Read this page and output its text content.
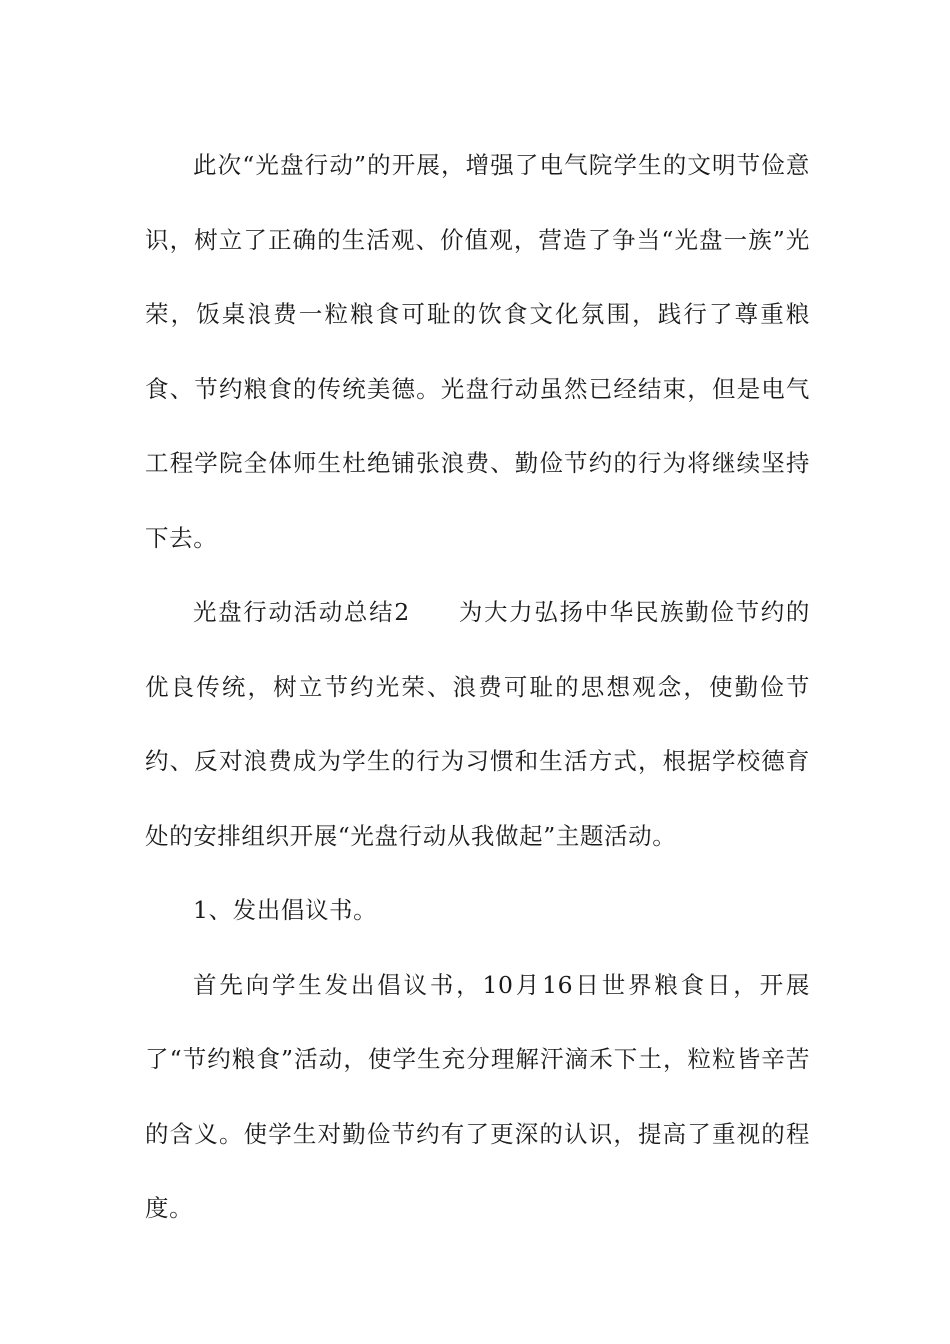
此次“光盘行动”的开展，增强了电气院学生的文明节俭意识，树立了正确的生活观、价值观，营造了争当“光盘一族”光荣，饭桌浪费一粒粮食可耻的饮食文化氛围，践行了尊重粮食、节约粮食的传统美德。光盘行动虽然已经结束，但是电气工程学院全体师生杜绝铺张浪费、勤俭节约的行为将继续坚持下去。

光盘行动活动总结2 为大力弘扬中华民族勤俭节约的优良传统，树立节约光荣、浪费可耻的思想观念，使勤俭节约、反对浪费成为学生的行为习惯和生活方式，根据学校德育处的安排组织开展“光盘行动从我做起”主题活动。

1、发出倡议书。

首先向学生发出倡议书，10月16日世界粮食日，开展了“节约粮食”活动，使学生充分理解汗滴禾下土，粒粒皆辛苦的含义。使学生对勤俭节约有了更深的认识，提高了重视的程度。
